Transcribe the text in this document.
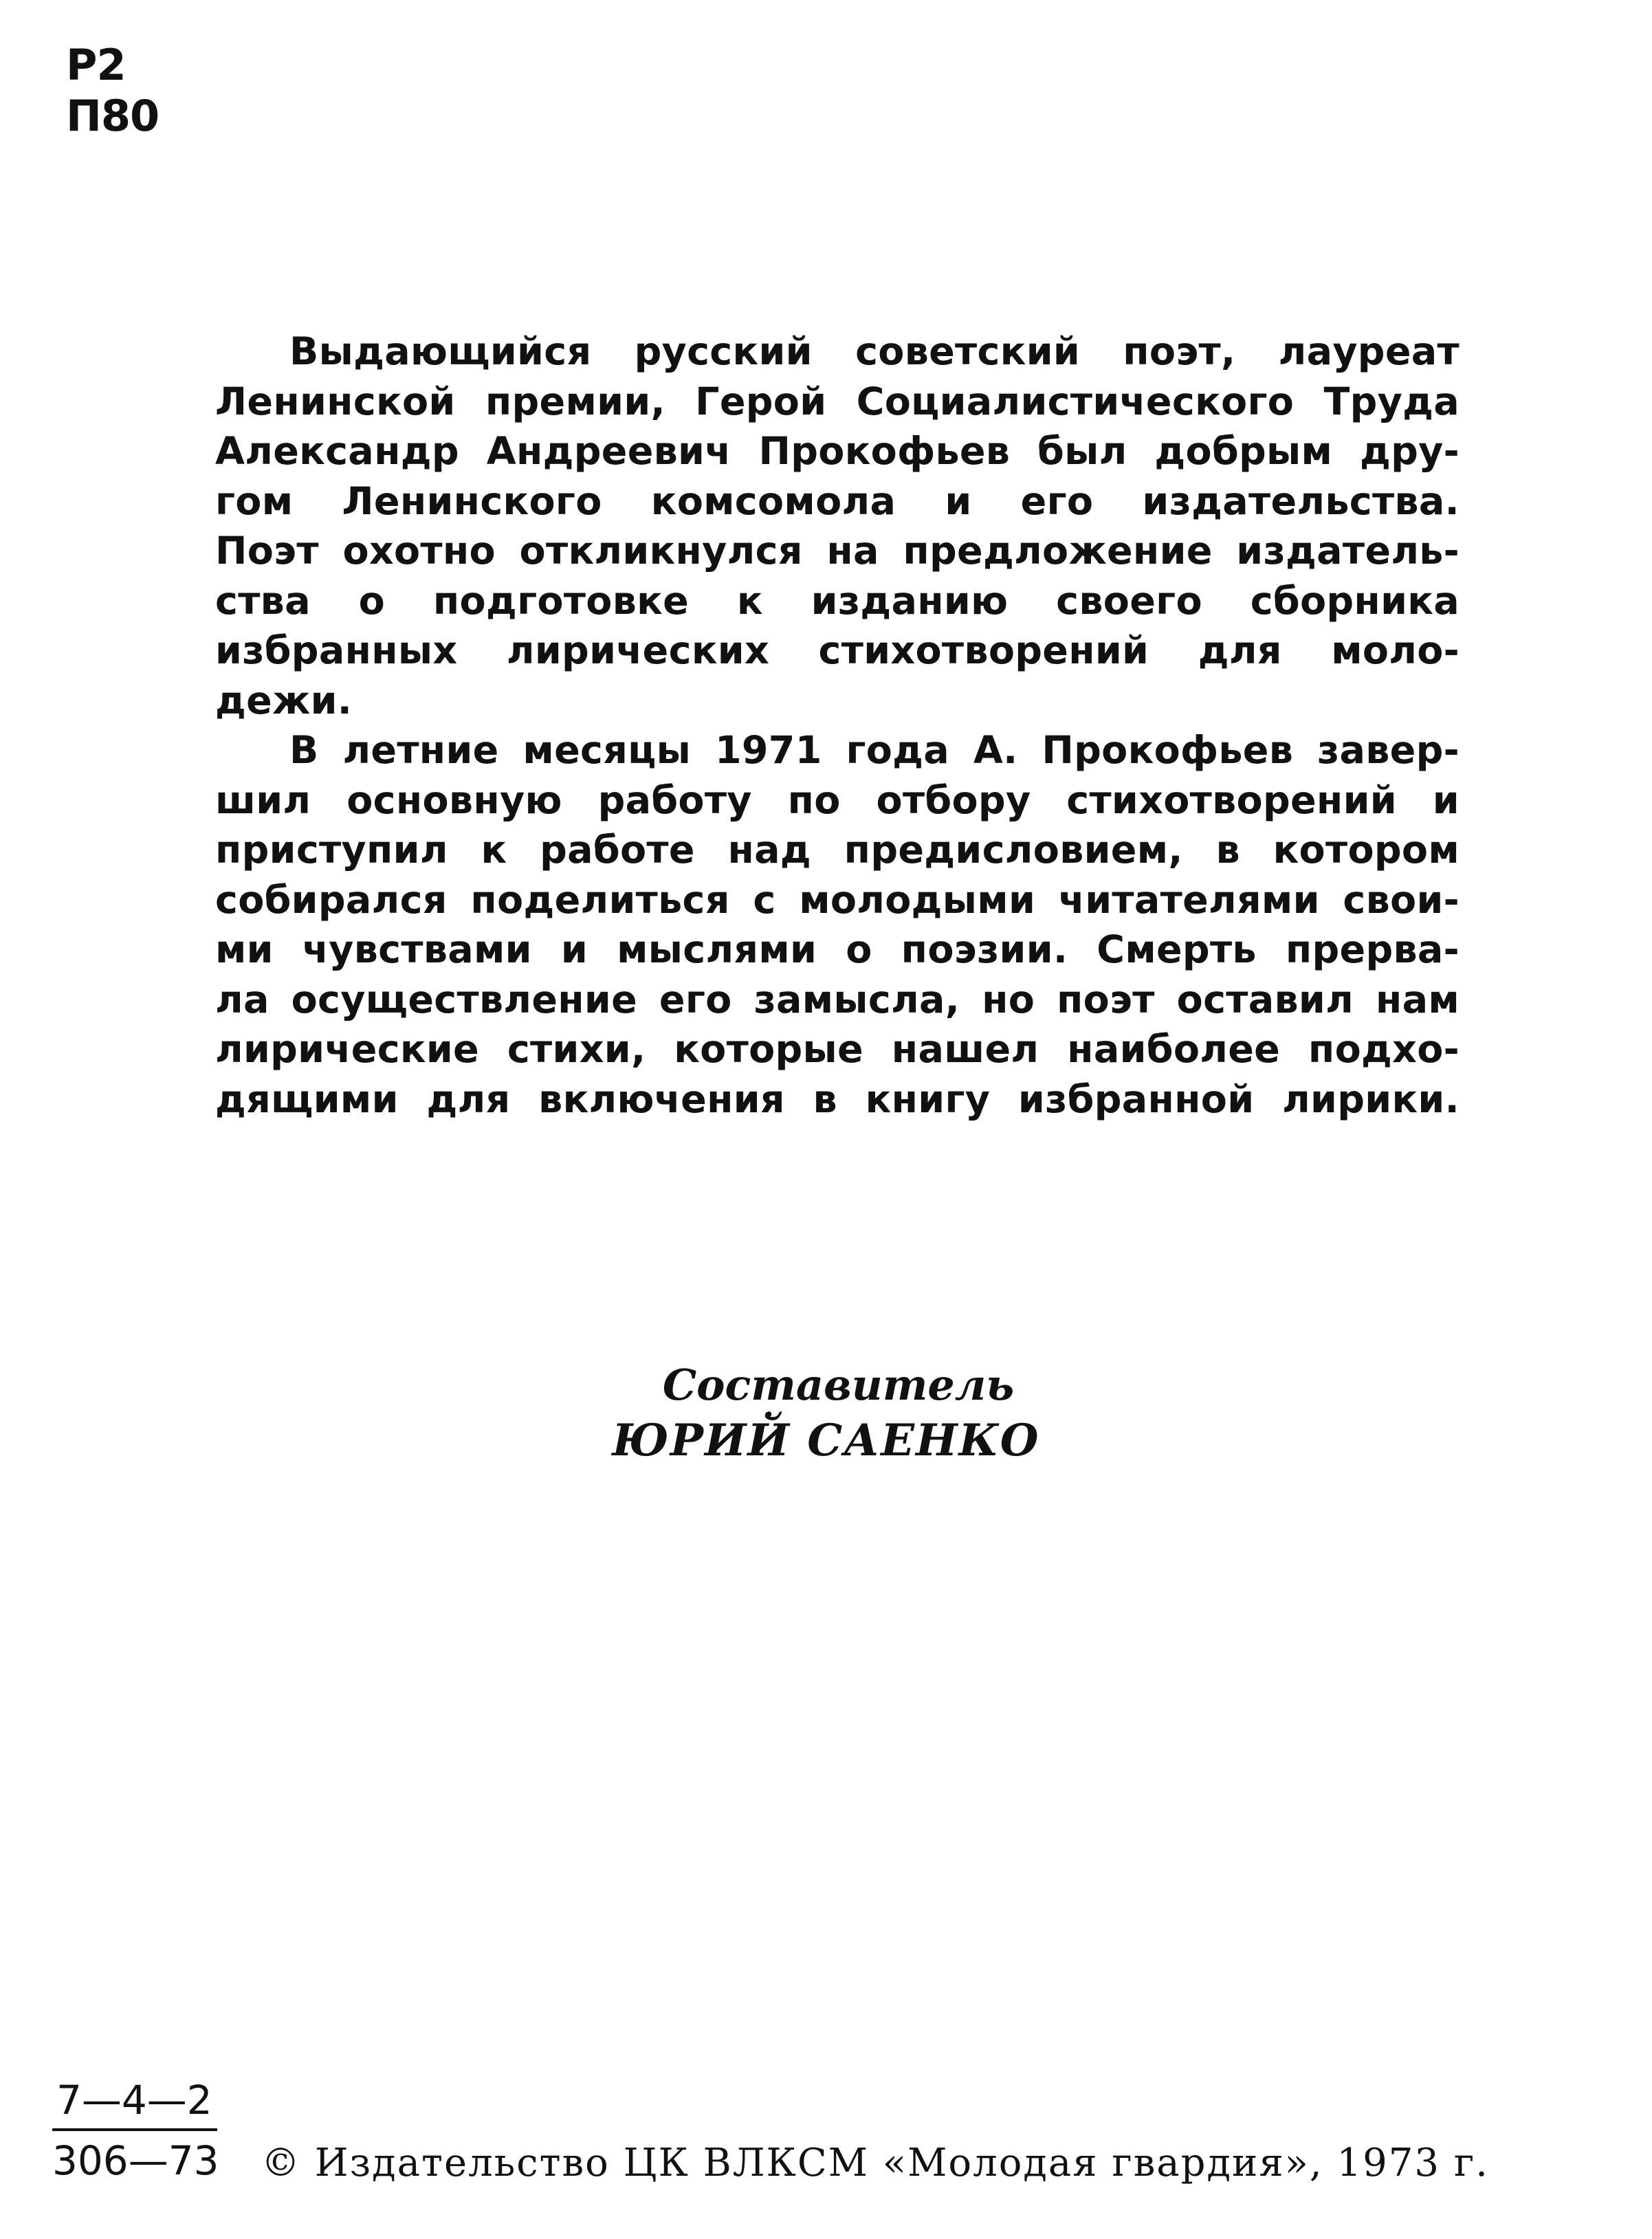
Р2
П80
Выдающийся русский советский поэт, лауреат
Ленинской премии, Герой Социалистического Труда
Александр Андреевич Прокофьев был добрым дру-
гом Ленинского комсомола и его издательства.
Поэт охотно откликнулся на предложение издатель-
ства о подготовке к изданию своего сборника
избранных лирических стихотворений для моло-
дежи.
В летние месяцы 1971 года А. Прокофьев завер-
шил основную работу по отбору стихотворений и
приступил к работе над предисловием, в котором
собирался поделиться с молодыми читателями свои-
ми чувствами и мыслями о поэзии. Смерть прерва-
ла осуществление его замысла, но поэт оставил нам
лирические стихи, которые нашел наиболее подхо-
дящими для включения в книгу избранной лирики.
Составитель
ЮРИЙ САЕНКО
7—4—2
306—73 © Издательство ЦК ВЛКСМ «Молодая гвардия», 1973 г.
